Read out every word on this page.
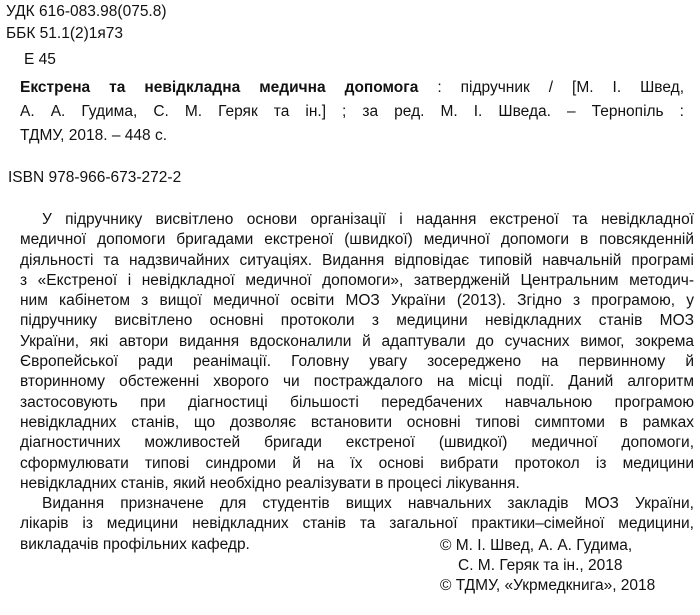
УДК 616-083.98(075.8)
ББК 51.1(2)1я73
Е 45

Екстрена та невідкладна медична допомога : підручник / [М. І. Швед,

А. А. Гудима, С. М. Геряк та ін.] ; за ред. М. І. Шведа. – Тернопіль :

ТДМУ, 2018. – 448 с.

ISBN 978-966-673-272-2

У підручнику висвітлено основи організації і надання екстреної та невідкладної

медичної допомоги бригадами екстреної (швидкої) медичної допомоги в повсякденній

діяльності та надзвичайних ситуаціях. Видання відповідає типовій навчальній програмі

з «Екстреної і невідкладної медичної допомоги», затвердженій Центральним методич-

ним кабінетом з вищої медичної освіти МОЗ України (2013). Згідно з програмою, у

підручнику висвітлено основні протоколи з медицини невідкладних станів МОЗ

України, які автори видання вдосконалили й адаптували до сучасних вимог, зокрема

Європейської ради реанімації. Головну увагу зосереджено на первинному й

вторинному обстеженні хворого чи постраждалого на місці події. Даний алгоритм

застосовують при діагностиці більшості передбачених навчальною програмою

невідкладних станів, що дозволяє встановити основні типові симптоми в рамках

діагностичних можливостей бригади екстреної (швидкої) медичної допомоги,

сформулювати типові синдроми й на їх основі вибрати протокол із медицини

невідкладних станів, який необхідно реалізувати в процесі лікування.

Видання призначене для студентів вищих навчальних закладів МОЗ України,

лікарів із медицини невідкладних станів та загальної практики–сімейної медицини,

викладачів профільних кафедр.	© М. І. Швед, А. А. Гудима,
С. М. Геряк та ін., 2018
© ТДМУ, «Укрмедкнига», 2018
